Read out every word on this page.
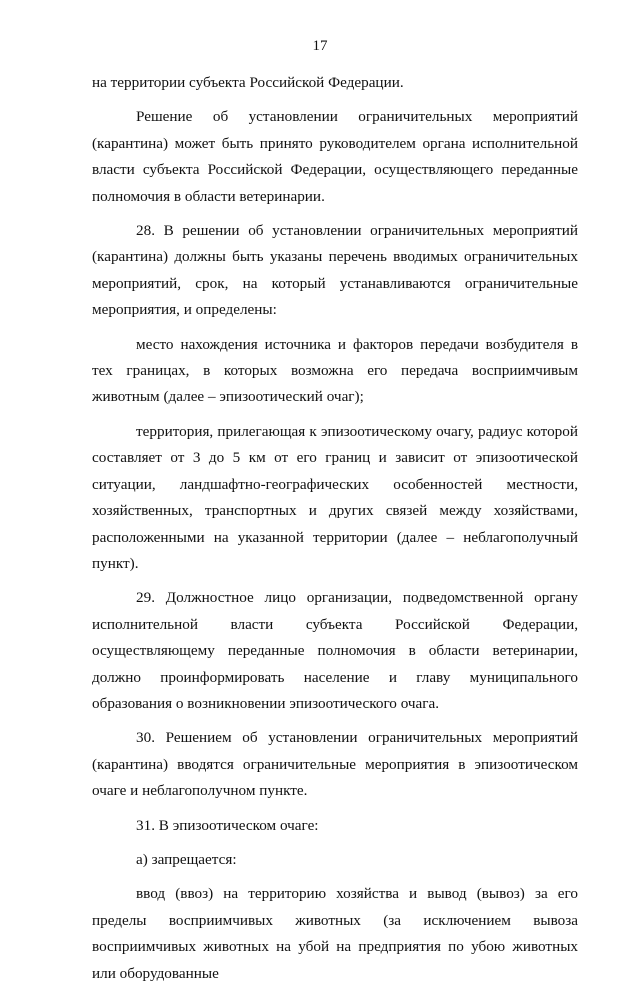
17

на территории субъекта Российской Федерации.

Решение об установлении ограничительных мероприятий (карантина) может быть принято руководителем органа исполнительной власти субъекта Российской Федерации, осуществляющего переданные полномочия в области ветеринарии.

28. В решении об установлении ограничительных мероприятий (карантина) должны быть указаны перечень вводимых ограничительных мероприятий, срок, на который устанавливаются ограничительные мероприятия, и определены:

место нахождения источника и факторов передачи возбудителя в тех границах, в которых возможна его передача восприимчивым животным (далее – эпизоотический очаг);

территория, прилегающая к эпизоотическому очагу, радиус которой составляет от 3 до 5 км от его границ и зависит от эпизоотической ситуации, ландшафтно-географических особенностей местности, хозяйственных, транспортных и других связей между хозяйствами, расположенными на указанной территории (далее – неблагополучный пункт).

29. Должностное лицо организации, подведомственной органу исполнительной власти субъекта Российской Федерации, осуществляющему переданные полномочия в области ветеринарии, должно проинформировать население и главу муниципального образования о возникновении эпизоотического очага.

30. Решением об установлении ограничительных мероприятий (карантина) вводятся ограничительные мероприятия в эпизоотическом очаге и неблагополучном пункте.

31. В эпизоотическом очаге:

а) запрещается:

ввод (ввоз) на территорию хозяйства и вывод (вывоз) за его пределы восприимчивых животных (за исключением вывоза восприимчивых животных на убой на предприятия по убою животных или оборудованные
